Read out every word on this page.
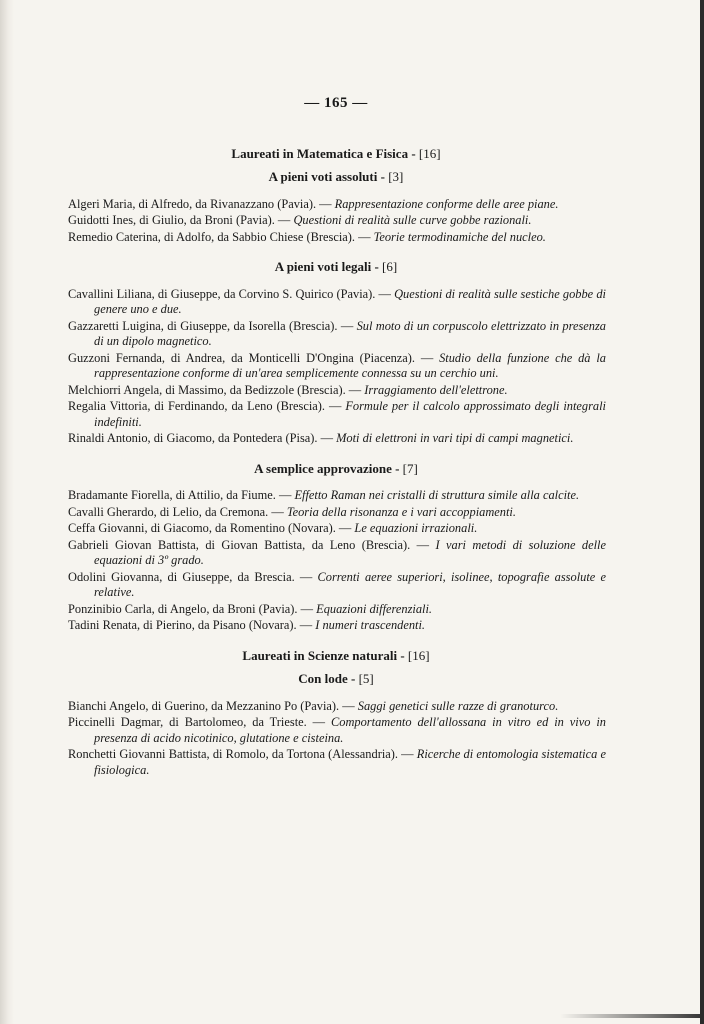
— 165 —
Laureati in Matematica e Fisica - [16]
A pieni voti assoluti - [3]

Algeri Maria, di Alfredo, da Rivanazzano (Pavia). — Rappresentazione conforme delle aree piane.

Guidotti Ines, di Giulio, da Broni (Pavia). — Questioni di realità sulle curve gobbe razionali.

Remedio Caterina, di Adolfo, da Sabbio Chiese (Brescia). — Teorie termodinamiche del nucleo.

A pieni voti legali - [6]

Cavallini Liliana, di Giuseppe, da Corvino S. Quirico (Pavia). — Questioni di realità sulle sestiche gobbe di genere uno e due.

Gazzaretti Luigina, di Giuseppe, da Isorella (Brescia). — Sul moto di un corpuscolo elettrizzato in presenza di un dipolo magnetico.

Guzzoni Fernanda, di Andrea, da Monticelli D'Ongina (Piacenza). — Studio della funzione che dà la rappresentazione conforme di un'area semplicemente connessa su un cerchio uni.

Melchiorri Angela, di Massimo, da Bedizzole (Brescia). — Irraggiamento dell'elettrone.

Regalia Vittoria, di Ferdinando, da Leno (Brescia). — Formule per il calcolo approssimato degli integrali indefiniti.

Rinaldi Antonio, di Giacomo, da Pontedera (Pisa). — Moti di elettroni in vari tipi di campi magnetici.

A semplice approvazione - [7]

Bradamante Fiorella, di Attilio, da Fiume. — Effetto Raman nei cristalli di struttura simile alla calcite.

Cavalli Gherardo, di Lelio, da Cremona. — Teoria della risonanza e i vari accoppiamenti.

Ceffa Giovanni, di Giacomo, da Romentino (Novara). — Le equazioni irrazionali.

Gabrieli Giovan Battista, di Giovan Battista, da Leno (Brescia). — I vari metodi di soluzione delle equazioni di 3º grado.

Odolini Giovanna, di Giuseppe, da Brescia. — Correnti aeree superiori, isolinee, topografie assolute e relative.

Ponzinibio Carla, di Angelo, da Broni (Pavia). — Equazioni differenziali.

Tadini Renata, di Pierino, da Pisano (Novara). — I numeri trascendenti.

Laureati in Scienze naturali - [16]
Con lode - [5]

Bianchi Angelo, di Guerino, da Mezzanino Po (Pavia). — Saggi genetici sulle razze di granoturco.

Piccinelli Dagmar, di Bartolomeo, da Trieste. — Comportamento dell'allossana in vitro ed in vivo in presenza di acido nicotinico, glutatione e cisteina.

Ronchetti Giovanni Battista, di Romolo, da Tortona (Alessandria). — Ricerche di entomologia sistematica e fisiologica.
